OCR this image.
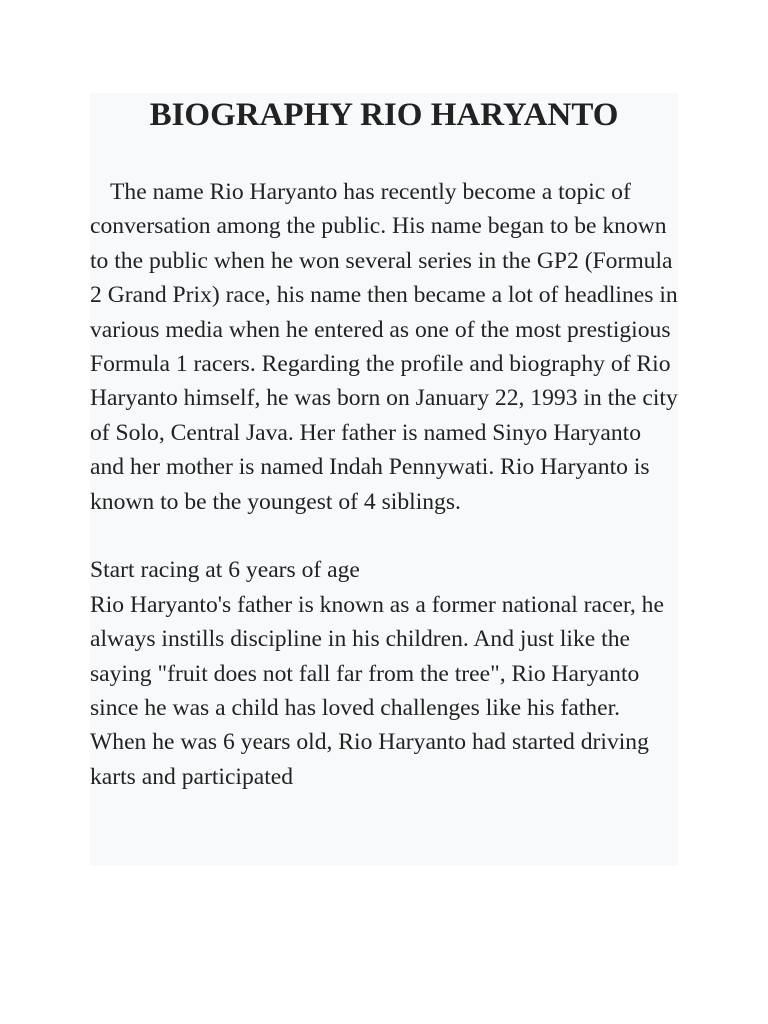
BIOGRAPHY RIO HARYANTO

The name Rio Haryanto has recently become a topic of conversation among the public. His name began to be known to the public when he won several series in the GP2 (Formula 2 Grand Prix) race, his name then became a lot of headlines in various media when he entered as one of the most prestigious Formula 1 racers. Regarding the profile and biography of Rio Haryanto himself, he was born on January 22, 1993 in the city of Solo, Central Java. Her father is named Sinyo Haryanto and her mother is named Indah Pennywati. Rio Haryanto is known to be the youngest of 4 siblings.

Start racing at 6 years of age

Rio Haryanto's father is known as a former national racer, he always instills discipline in his children. And just like the saying "fruit does not fall far from the tree", Rio Haryanto since he was a child has loved challenges like his father. When he was 6 years old, Rio Haryanto had started driving karts and participated
